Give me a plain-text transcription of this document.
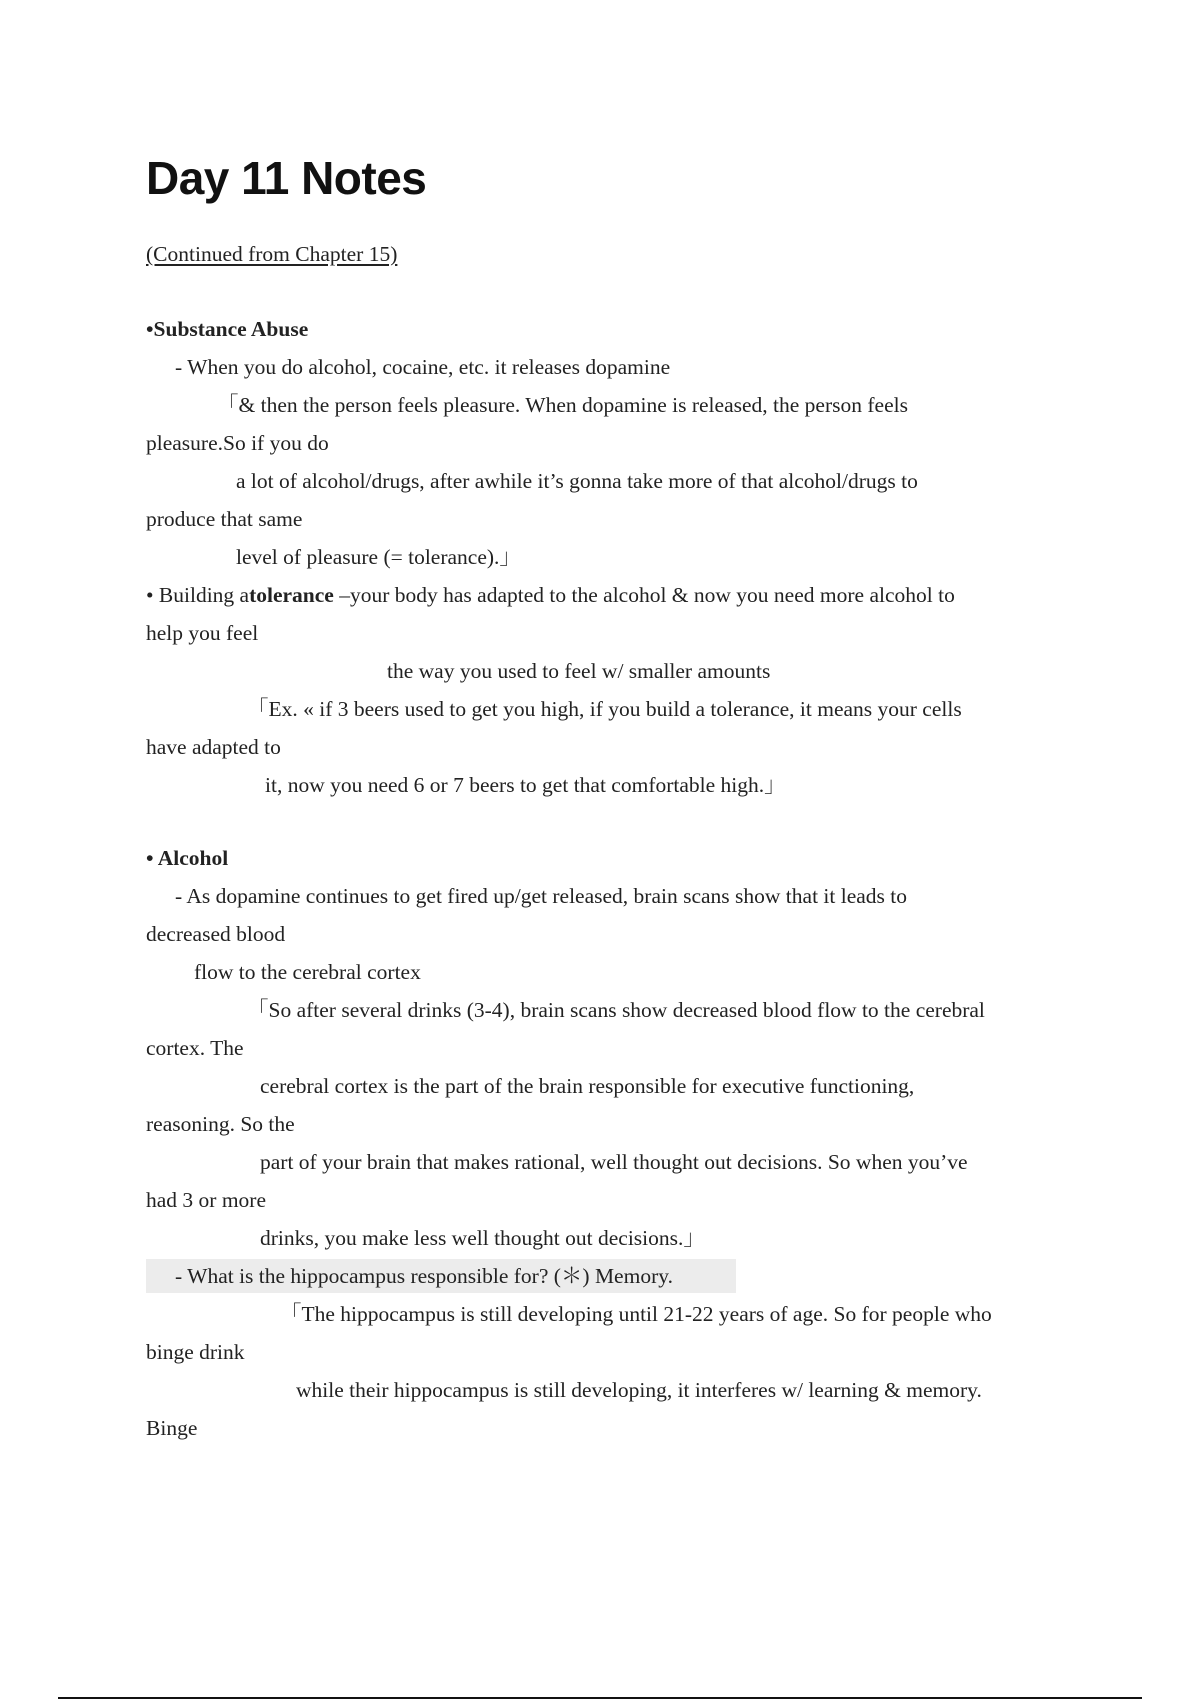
Day 11 Notes
(Continued from Chapter 15)
•Substance Abuse
- When you do alcohol, cocaine, etc. it releases dopamine
「& then the person feels pleasure. When dopamine is released, the person feels
pleasure.So if you do
a lot of alcohol/drugs, after awhile it’s gonna take more of that alcohol/drugs to
produce that same
level of pleasure (= tolerance).」
• Building atolerance –your body has adapted to the alcohol & now you need more alcohol to
help you feel
the way you used to feel w/ smaller amounts
「Ex. « if 3 beers used to get you high, if you build a tolerance, it means your cells
have adapted to
it, now you need 6 or 7 beers to get that comfortable high.」
• Alcohol
- As dopamine continues to get fired up/get released, brain scans show that it leads to
decreased blood
flow to the cerebral cortex
「So after several drinks (3-4), brain scans show decreased blood flow to the cerebral
cortex. The
cerebral cortex is the part of the brain responsible for executive functioning,
reasoning. So the
part of your brain that makes rational, well thought out decisions. So when you’ve
had 3 or more
drinks, you make less well thought out decisions.」
- What is the hippocampus responsible for? (＊) Memory.
「The hippocampus is still developing until 21-22 years of age. So for people who
binge drink
while their hippocampus is still developing, it interferes w/ learning & memory.
Binge
